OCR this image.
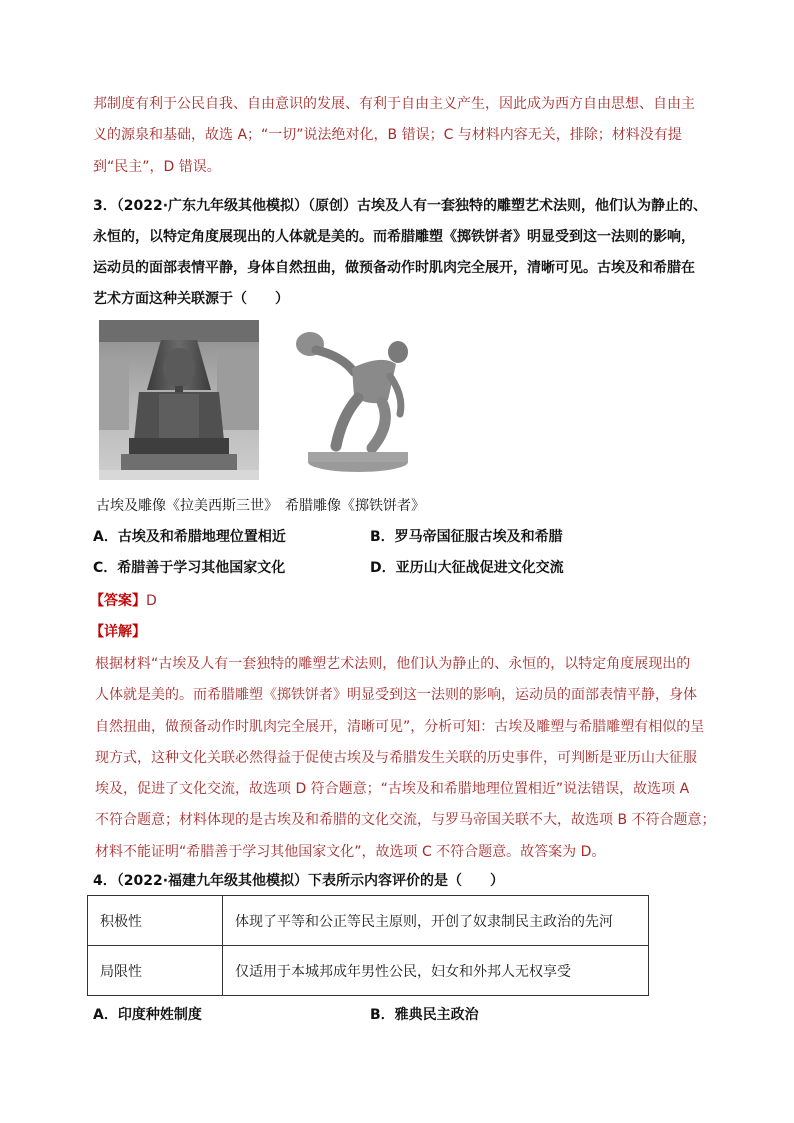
邦制度有利于公民自我、自由意识的发展、有利于自由主义产生，因此成为西方自由思想、自由主
义的源泉和基础，故选 A；“一切”说法绝对化，B 错误；C 与材料内容无关，排除；材料没有提
到“民主”，D 错误。
3．（2022·广东九年级其他模拟）（原创）古埃及人有一套独特的雕塑艺术法则，他们认为静止的、
永恒的，以特定角度展现出的人体就是美的。而希腊雕塑《掷铁饼者》明显受到这一法则的影响，
运动员的面部表情平静，身体自然扭曲，做预备动作时肌肉完全展开，清晰可见。古埃及和希腊在
艺术方面这种关联源于（　　）
古埃及雕像《拉美西斯三世》　希腊雕像《掷铁饼者》
A．古埃及和希腊地理位置相近	B．罗马帝国征服古埃及和希腊
C．希腊善于学习其他国家文化	D．亚历山大征战促进文化交流
【答案】D
【详解】
根据材料“古埃及人有一套独特的雕塑艺术法则，他们认为静止的、永恒的，以特定角度展现出的
人体就是美的。而希腊雕塑《掷铁饼者》明显受到这一法则的影响，运动员的面部表情平静，身体
自然扭曲，做预备动作时肌肉完全展开，清晰可见”，分析可知：古埃及雕塑与希腊雕塑有相似的呈
现方式，这种文化关联必然得益于促使古埃及与希腊发生关联的历史事件，可判断是亚历山大征服
埃及，促进了文化交流，故选项 D 符合题意；“古埃及和希腊地理位置相近”说法错误，故选项 A
不符合题意；材料体现的是古埃及和希腊的文化交流，与罗马帝国关联不大，故选项 B 不符合题意；
材料不能证明“希腊善于学习其他国家文化”，故选项 C 不符合题意。故答案为 D。
4．（2022·福建九年级其他模拟）下表所示内容评价的是（　　）
积极性	体现了平等和公正等民主原则，开创了奴隶制民主政治的先河
局限性	仅适用于本城邦成年男性公民，妇女和外邦人无权享受
A．印度种姓制度	B．雅典民主政治
